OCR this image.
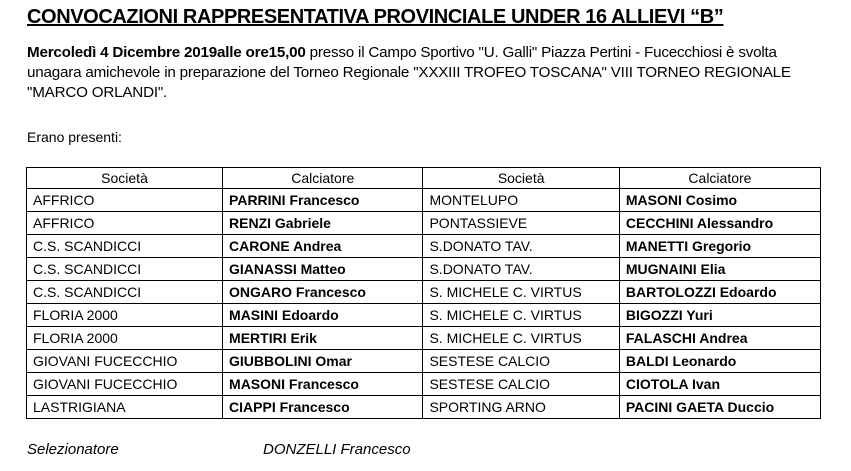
CONVOCAZIONI RAPPRESENTATIVA PROVINCIALE UNDER 16 ALLIEVI “B”
Mercoledì 4 Dicembre 2019alle ore15,00 presso il Campo Sportivo "U. Galli" Piazza Pertini - Fucecchiosi è svolta unagara amichevole in preparazione del Torneo Regionale "XXXIII TROFEO TOSCANA" VIII TORNEO REGIONALE "MARCO ORLANDI".
Erano presenti:
Società	Calciatore	Società	Calciatore
AFFRICO	PARRINI Francesco	MONTELUPO	MASONI Cosimo
AFFRICO	RENZI Gabriele	PONTASSIEVE	CECCHINI Alessandro
C.S. SCANDICCI	CARONE Andrea	S.DONATO TAV.	MANETTI Gregorio
C.S. SCANDICCI	GIANASSI Matteo	S.DONATO TAV.	MUGNAINI Elia
C.S. SCANDICCI	ONGARO Francesco	S. MICHELE C. VIRTUS	BARTOLOZZI Edoardo
FLORIA 2000	MASINI Edoardo	S. MICHELE C. VIRTUS	BIGOZZI Yuri
FLORIA 2000	MERTIRI Erik	S. MICHELE C. VIRTUS	FALASCHI Andrea
GIOVANI FUCECCHIO	GIUBBOLINI Omar	SESTESE CALCIO	BALDI Leonardo
GIOVANI FUCECCHIO	MASONI Francesco	SESTESE CALCIO	CIOTOLA Ivan
LASTRIGIANA	CIAPPI Francesco	SPORTING ARNO	PACINI GAETA Duccio
Selezionatore	DONZELLI Francesco
